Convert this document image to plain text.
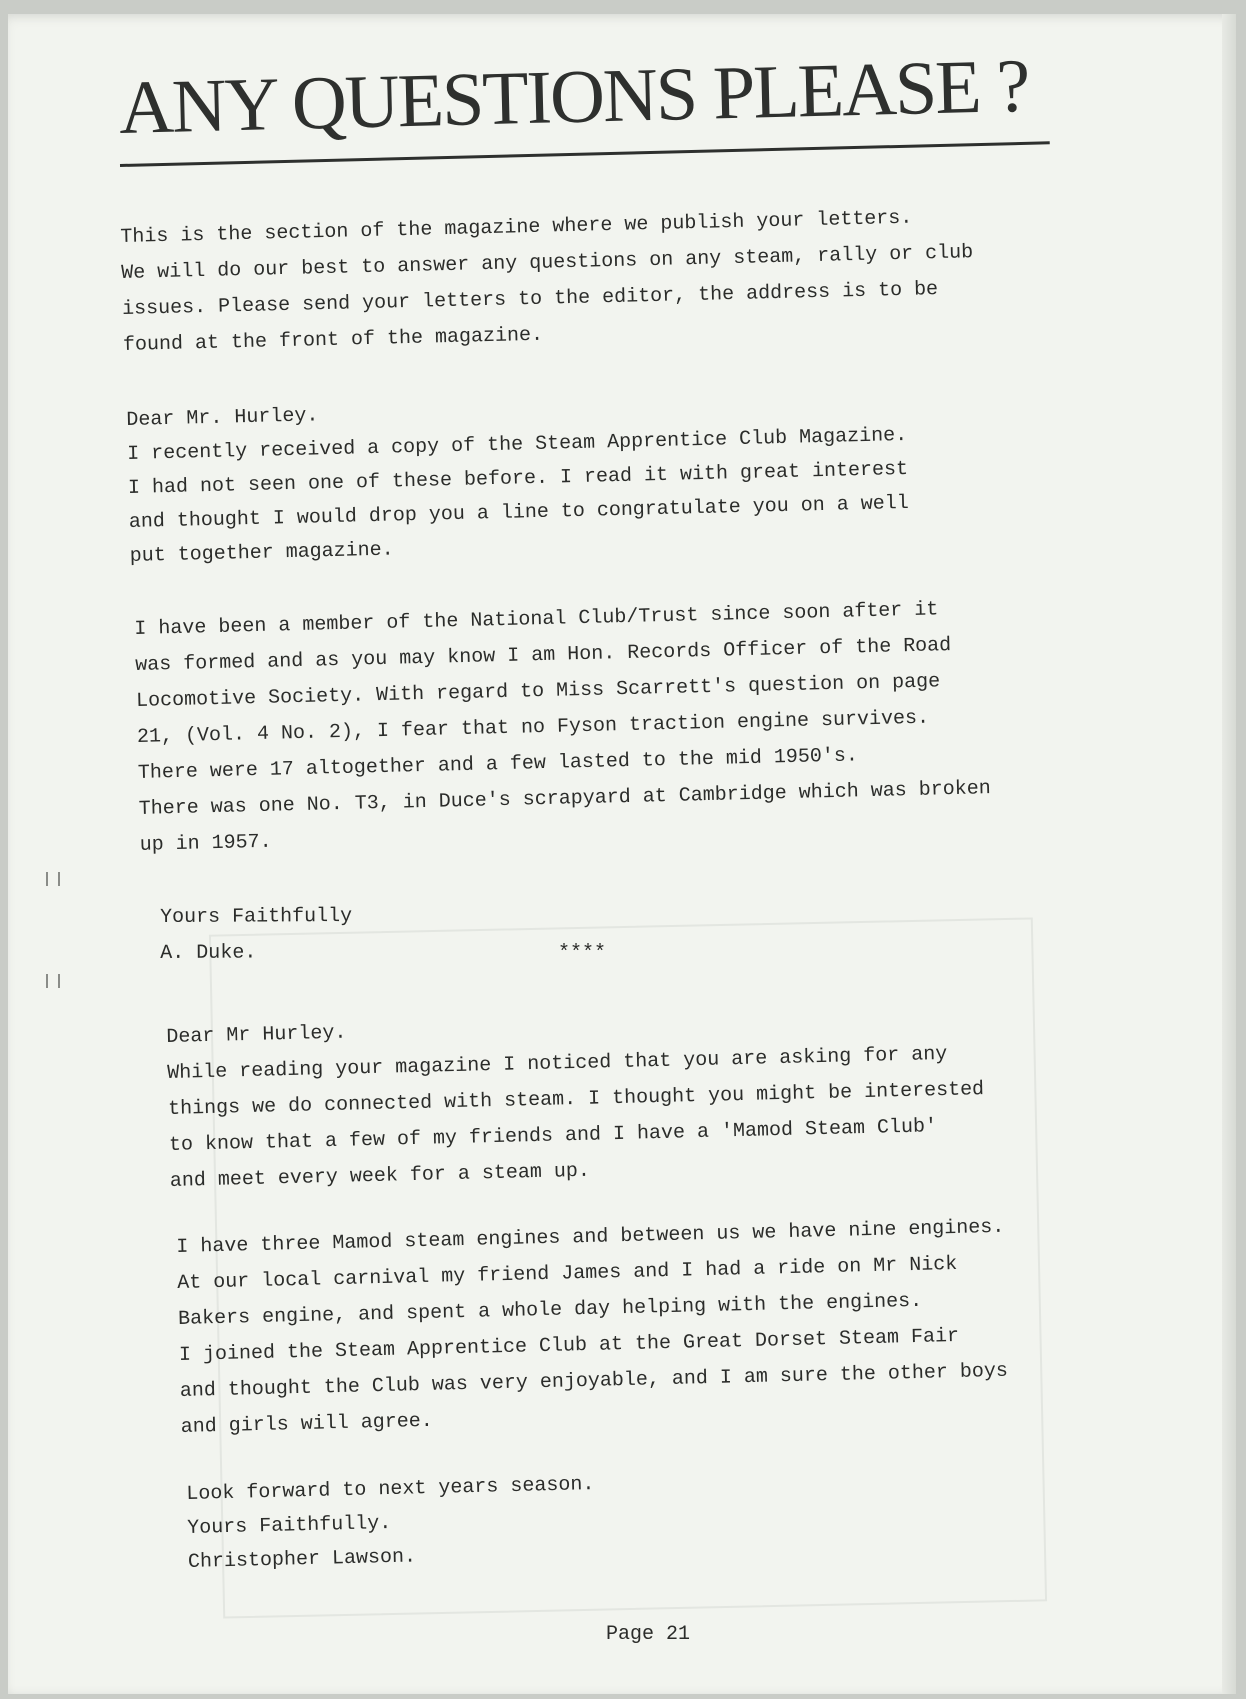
ANY QUESTIONS PLEASE ?
This is the section of the magazine where we publish your letters.
We will do our best to answer any questions on any steam, rally or club
issues. Please send your letters to the editor, the address is to be
found at the front of the magazine.
Dear Mr. Hurley.
I recently received a copy of the Steam Apprentice Club Magazine.
I had not seen one of these before. I read it with great interest
and thought I would drop you a line to congratulate you on a well
put together magazine.
I have been a member of the National Club/Trust since soon after it
was formed and as you may know I am Hon. Records Officer of the Road
Locomotive Society. With regard to Miss Scarrett's question on page
21, (Vol. 4 No. 2), I fear that no Fyson traction engine survives.
There were 17 altogether and a few lasted to the mid 1950's.
There was one No. T3, in Duce's scrapyard at Cambridge which was broken
up in 1957.
Yours Faithfully
A. Duke.	****
Dear Mr Hurley.
While reading your magazine I noticed that you are asking for any
things we do connected with steam. I thought you might be interested
to know that a few of my friends and I have a 'Mamod Steam Club'
and meet every week for a steam up.
I have three Mamod steam engines and between us we have nine engines.
At our local carnival my friend James and I had a ride on Mr Nick
Bakers engine, and spent a whole day helping with the engines.
I joined the Steam Apprentice Club at the Great Dorset Steam Fair
and thought the Club was very enjoyable, and I am sure the other boys
and girls will agree.
Look forward to next years season.
Yours Faithfully.
Christopher Lawson.
Page 21
